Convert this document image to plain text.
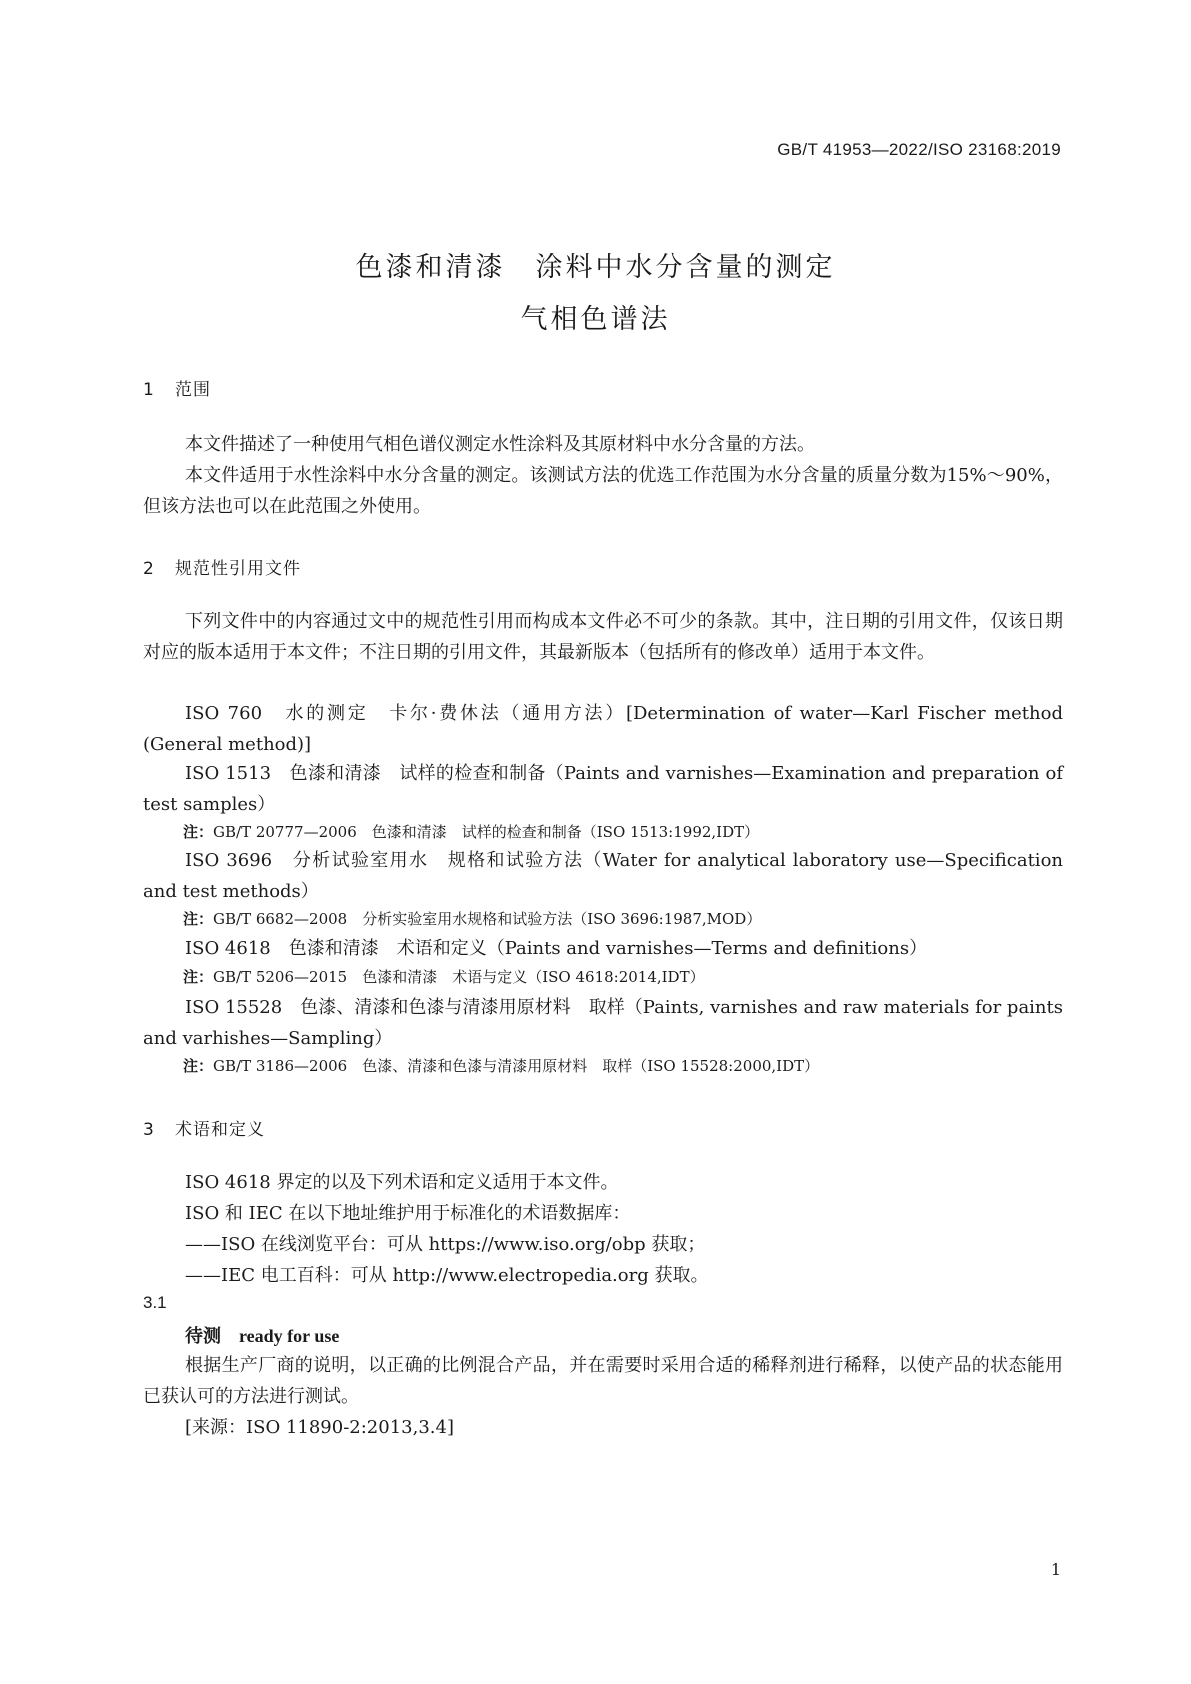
GB/T 41953—2022/ISO 23168:2019
色漆和清漆　涂料中水分含量的测定
气相色谱法
1 范围

本文件描述了一种使用气相色谱仪测定水性涂料及其原材料中水分含量的方法。

本文件适用于水性涂料中水分含量的测定。该测试方法的优选工作范围为水分含量的质量分数为15%～90%，但该方法也可以在此范围之外使用。

2 规范性引用文件

下列文件中的内容通过文中的规范性引用而构成本文件必不可少的条款。其中，注日期的引用文件，仅该日期对应的版本适用于本文件；不注日期的引用文件，其最新版本（包括所有的修改单）适用于本文件。

ISO 760　水的测定　卡尔·费休法（通用方法）[Determination of water—Karl Fischer method (General method)]

ISO 1513　色漆和清漆　试样的检查和制备（Paints and varnishes—Examination and preparation of test samples）

注：GB/T 20777—2006　色漆和清漆　试样的检查和制备（ISO 1513:1992,IDT）

ISO 3696　分析试验室用水　规格和试验方法（Water for analytical laboratory use—Specification and test methods）

注：GB/T 6682—2008　分析实验室用水规格和试验方法（ISO 3696:1987,MOD）

ISO 4618　色漆和清漆　术语和定义（Paints and varnishes—Terms and definitions）

注：GB/T 5206—2015　色漆和清漆　术语与定义（ISO 4618:2014,IDT）

ISO 15528　色漆、清漆和色漆与清漆用原材料　取样（Paints, varnishes and raw materials for paints and varhishes—Sampling）

注：GB/T 3186—2006　色漆、清漆和色漆与清漆用原材料　取样（ISO 15528:2000,IDT）
3 术语和定义

ISO 4618 界定的以及下列术语和定义适用于本文件。

ISO 和 IEC 在以下地址维护用于标准化的术语数据库：

——ISO 在线浏览平台：可从 https://www.iso.org/obp 获取；

——IEC 电工百科：可从 http://www.electropedia.org 获取。

3.1
待测 ready for use

根据生产厂商的说明，以正确的比例混合产品，并在需要时采用合适的稀释剂进行稀释，以使产品的状态能用已获认可的方法进行测试。

[来源：ISO 11890-2:2013,3.4]

1
